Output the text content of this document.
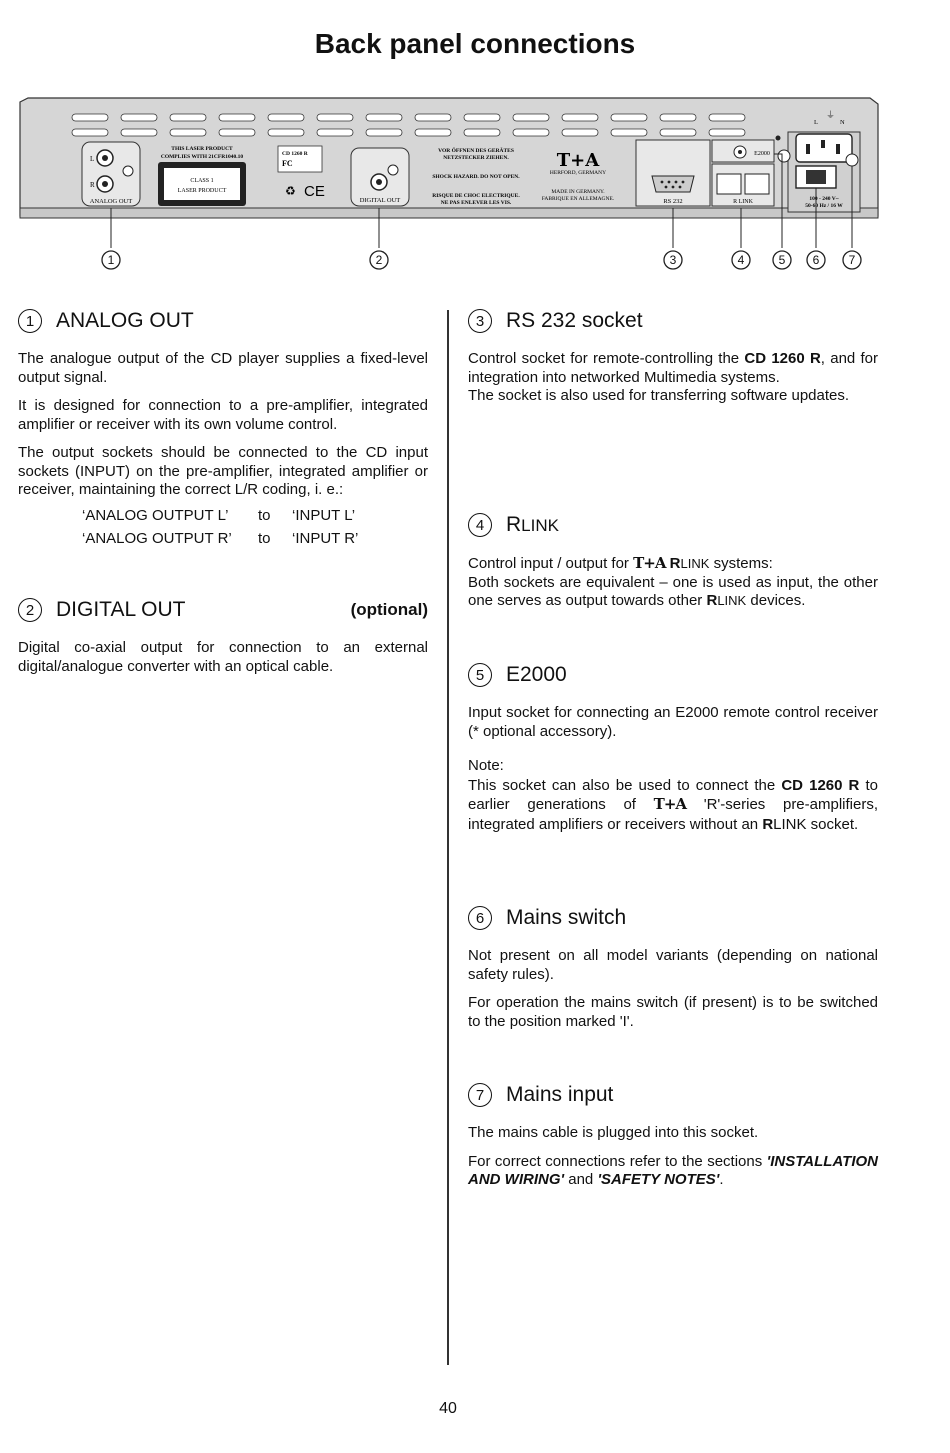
Back panel connections
L
R
ANALOG OUT
THIS LASER PRODUCT
COMPLIES WITH 21CFR1040.10
CLASS 1
LASER PRODUCT
CD 1260 R
FC
♻ CE
DIGITAL OUT
VOR ÖFFNEN DES GERÄTES
NETZSTECKER ZIEHEN.
SHOCK HAZARD. DO NOT OPEN.
RISQUE DE CHOC ELECTRIQUE.
NE PAS ENLEVER LES VIS.
T+A
HERFORD, GERMANY
MADE IN GERMANY.
FABRIQUE EN ALLEMAGNE.	RS 232
E2000
R LINK
L
⏚
N
100 - 240 V~
50-60 Hz / 16 W
1	2	3	4	5 6 7
1	ANALOG OUT

The analogue output of the CD player supplies a fixed-level output signal.

It is designed for connection to a pre-amplifier, integrated amplifier or receiver with its own volume control.

The output sockets should be connected to the CD input sockets (INPUT) on the pre-amplifier, integrated amplifier or receiver, maintaining the correct L/R coding, i. e.:

‘ANALOG OUTPUT L’	to	‘INPUT L’
‘ANALOG OUTPUT R’	to	‘INPUT R’
2	DIGITAL OUT	(optional)

Digital co-axial output for connection to an external digital/analogue converter with an optical cable.

3	RS 232 socket

Control socket for remote-controlling the CD 1260 R, and for integration into networked Multimedia systems.

The socket is also used for transferring software updates.

4	RLINK

Control input / output for T+A RLINK systems:

Both sockets are equivalent – one is used as input, the other one serves as output towards other RLINK devices.

5	E2000

Input socket for connecting an E2000 remote control receiver (* optional accessory).

Note:

This socket can also be used to connect the CD 1260 R to earlier generations of T+A 'R'-series pre-amplifiers, integrated amplifiers or receivers without an RLINK socket.

6	Mains switch

Not present on all model variants (depending on national safety rules).

For operation the mains switch (if present) is to be switched to the position marked 'I'.

7	Mains input

The mains cable is plugged into this socket.

For correct connections refer to the sections 'INSTALLATION AND WIRING' and 'SAFETY NOTES'.

40
